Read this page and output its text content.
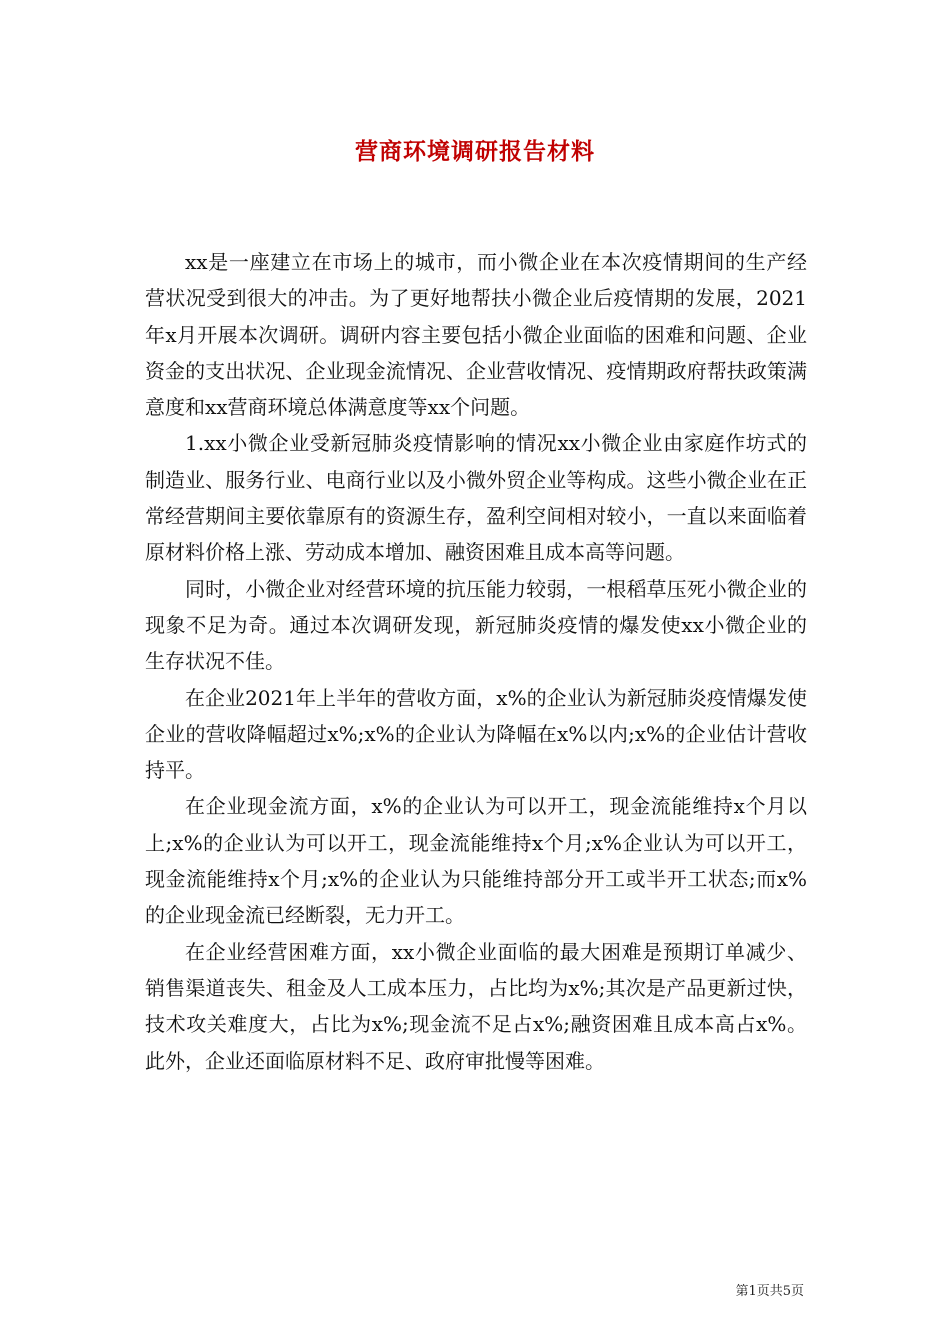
营商环境调研报告材料

xx是一座建立在市场上的城市，而小微企业在本次疫情期间的生产经营状况受到很大的冲击。为了更好地帮扶小微企业后疫情期的发展，2021年x月开展本次调研。调研内容主要包括小微企业面临的困难和问题、企业资金的支出状况、企业现金流情况、企业营收情况、疫情期政府帮扶政策满意度和xx营商环境总体满意度等xx个问题。

1.xx小微企业受新冠肺炎疫情影响的情况xx小微企业由家庭作坊式的制造业、服务行业、电商行业以及小微外贸企业等构成。这些小微企业在正常经营期间主要依靠原有的资源生存，盈利空间相对较小，一直以来面临着原材料价格上涨、劳动成本增加、融资困难且成本高等问题。

同时，小微企业对经营环境的抗压能力较弱，一根稻草压死小微企业的现象不足为奇。通过本次调研发现，新冠肺炎疫情的爆发使xx小微企业的生存状况不佳。

在企业2021年上半年的营收方面，x%的企业认为新冠肺炎疫情爆发使企业的营收降幅超过x%;x%的企业认为降幅在x%以内;x%的企业估计营收持平。

在企业现金流方面，x%的企业认为可以开工，现金流能维持x个月以上;x%的企业认为可以开工，现金流能维持x个月;x%企业认为可以开工，现金流能维持x个月;x%的企业认为只能维持部分开工或半开工状态;而x%的企业现金流已经断裂，无力开工。

在企业经营困难方面，xx小微企业面临的最大困难是预期订单减少、销售渠道丧失、租金及人工成本压力，占比均为x%;其次是产品更新过快，技术攻关难度大，占比为x%;现金流不足占x%;融资困难且成本高占x%。此外，企业还面临原材料不足、政府审批慢等困难。

第1页共5页
